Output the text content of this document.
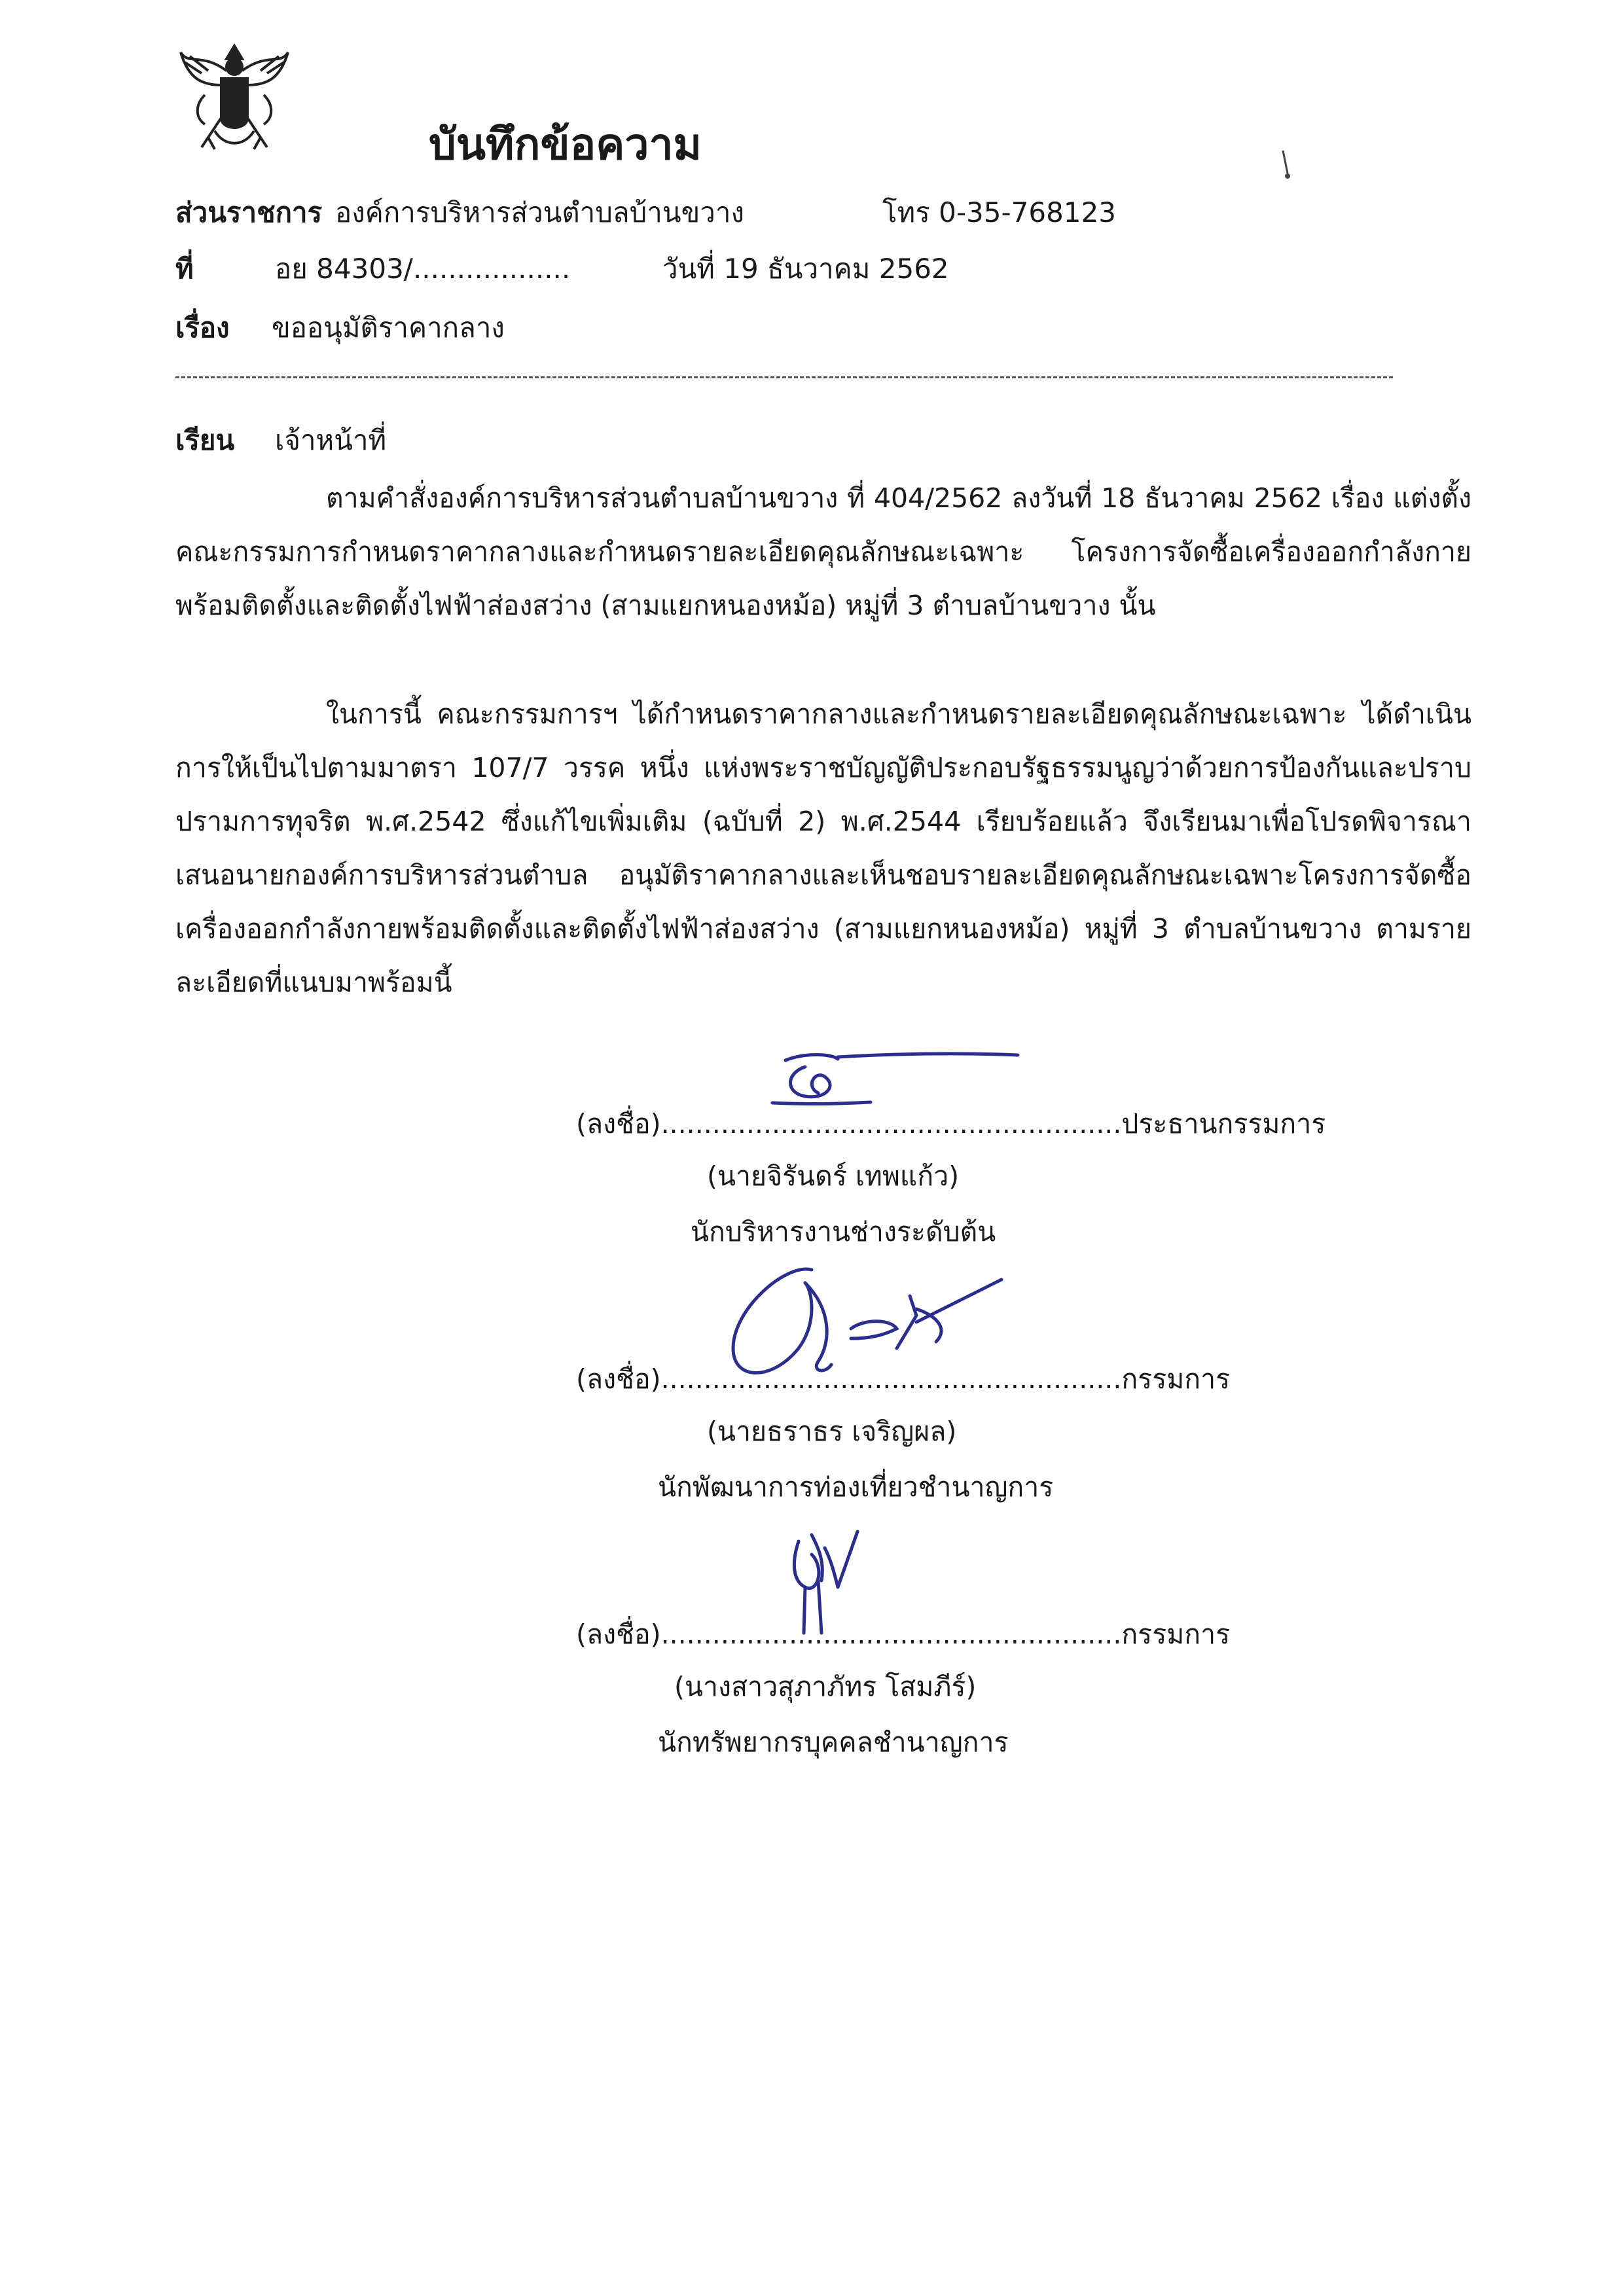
บันทึกข้อความ
ส่วนราชการ องค์การบริหารส่วนตำบลบ้านขวาง	โทร 0-35-768123
ที่	อย 84303/..................	วันที่ 19 ธันวาคม 2562
เรื่อง ขออนุมัติราคากลาง
เรียน เจ้าหน้าที่

ตามคำสั่งองค์การบริหารส่วนตำบลบ้านขวาง ที่ 404/2562 ลงวันที่ 18 ธันวาคม 2562 เรื่อง แต่งตั้งคณะกรรมการกำหนดราคากลางและกำหนดรายละเอียดคุณลักษณะเฉพาะ โครงการจัดซื้อเครื่องออกกำลังกายพร้อมติดตั้งและติดตั้งไฟฟ้าส่องสว่าง (สามแยกหนองหม้อ) หมู่ที่ 3 ตำบลบ้านขวาง นั้น

ในการนี้ คณะกรรมการฯ ได้กำหนดราคากลางและกำหนดรายละเอียดคุณลักษณะเฉพาะ ได้ดำเนินการให้เป็นไปตามมาตรา 107/7 วรรค หนึ่ง แห่งพระราชบัญญัติประกอบรัฐธรรมนูญว่าด้วยการป้องกันและปราบปรามการทุจริต พ.ศ.2542 ซึ่งแก้ไขเพิ่มเติม (ฉบับที่ 2) พ.ศ.2544 เรียบร้อยแล้ว จึงเรียนมาเพื่อโปรดพิจารณาเสนอนายกองค์การบริหารส่วนตำบล อนุมัติราคากลางและเห็นชอบรายละเอียดคุณลักษณะเฉพาะโครงการจัดซื้อเครื่องออกกำลังกายพร้อมติดตั้งและติดตั้งไฟฟ้าส่องสว่าง (สามแยกหนองหม้อ) หมู่ที่ 3 ตำบลบ้านขวาง ตามรายละเอียดที่แนบมาพร้อมนี้

(ลงชื่อ)......................................................ประธานกรรมการ
(นายจิรันดร์ เทพแก้ว)
นักบริหารงานช่างระดับต้น
(ลงชื่อ)......................................................กรรมการ
(นายธราธร เจริญผล)
นักพัฒนาการท่องเที่ยวชำนาญการ
(ลงชื่อ)......................................................กรรมการ
(นางสาวสุภาภัทร โสมภีร์)
นักทรัพยากรบุคคลชำนาญการ
